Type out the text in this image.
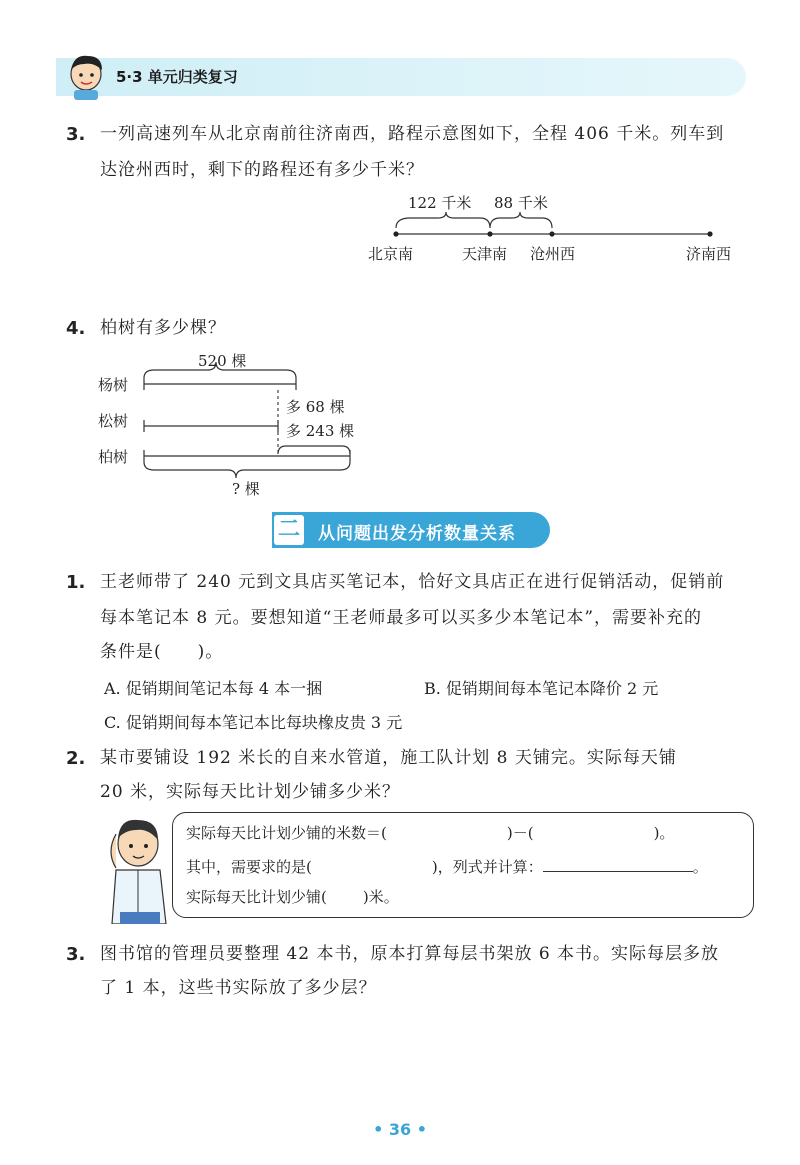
5·3 单元归类复习
3. 一列高速列车从北京南前往济南西，路程示意图如下，全程 406 千米。列车到
达沧州西时，剩下的路程还有多少千米？
122 千米 88 千米
北京南	天津南 沧州西	济南西
4. 柏树有多少棵？
520 棵
杨树
松树
柏树
多 68 棵
多 243 棵
? 棵
二 从问题出发分析数量关系
1. 王老师带了 240 元到文具店买笔记本，恰好文具店正在进行促销活动，促销前
每本笔记本 8 元。要想知道“王老师最多可以买多少本笔记本”，需要补充的
条件是(　　)。
A. 促销期间笔记本每 4 本一捆	B. 促销期间每本笔记本降价 2 元
C. 促销期间每本笔记本比每块橡皮贵 3 元
2. 某市要铺设 192 米长的自来水管道，施工队计划 8 天铺完。实际每天铺
20 米，实际每天比计划少铺多少米？
实际每天比计划少铺的米数＝(	)－(	)。
其中，需要求的是(	)，列式并计算：	。
实际每天比计划少铺( )米。
3. 图书馆的管理员要整理 42 本书，原本打算每层书架放 6 本书。实际每层多放
了 1 本，这些书实际放了多少层？
• 36 •
